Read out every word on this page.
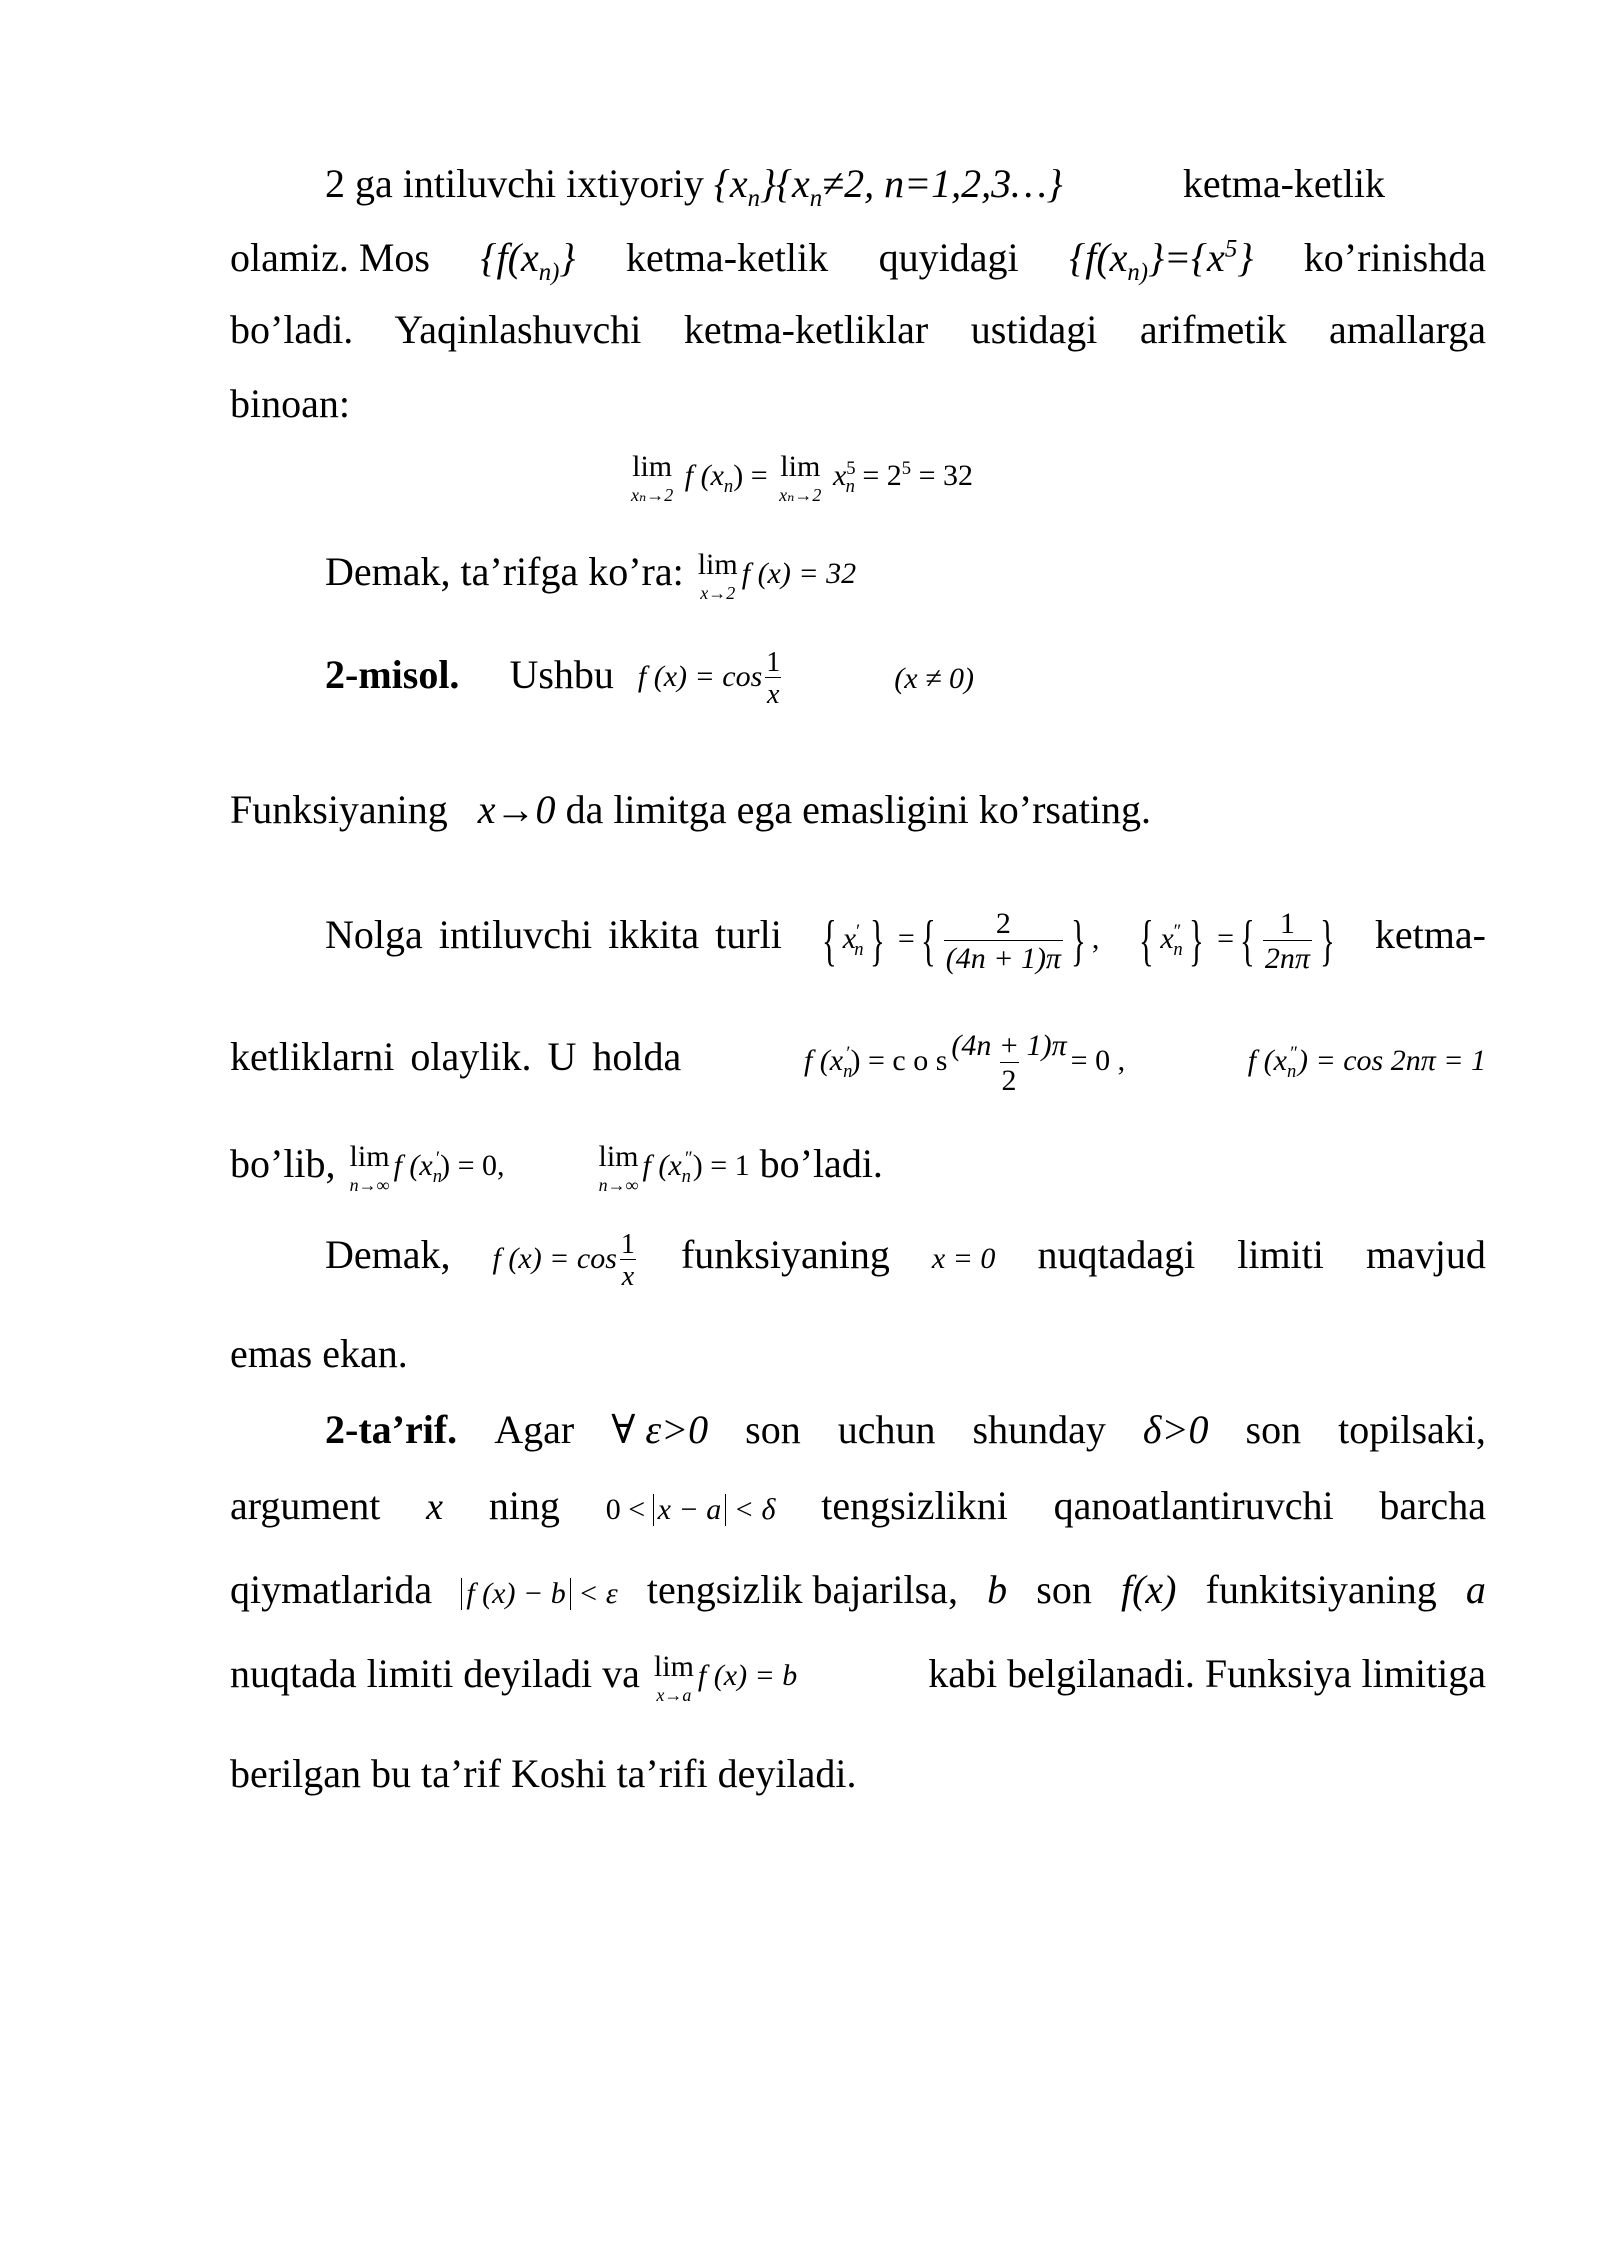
2 ga intiluvchi ixtiyoriy $\{x_n\}\{x_n\ne 2$, n=1,2,3…}	ketma-ketlik
olamiz. Mos {$f(x_{n)}\}$ ketma-ketlik quyidagi {$f(x_{n)}\}=\{x^5\}$ ko’rinishda
bo’ladi. Yaqinlashuvchi ketma-ketliklar ustidagi arifmetik amallarga
binoan:
lim
xₙ→2
f $(x_n) = \lim$
xₙ→2
$x^5_n = 2^5 = 32$
Demak, ta’rifga ko’ra: lim
x→2
f (x) = 32
2-misol. Ushbu f $(x) = \cos \frac{1}{x}$	(x ≠ 0)
Funksiyaning x→0 da limitga ega emasligini ko’rsating.
Nolga intiluvchi ikkita turli { $x'_n$ } = { $\frac{2}{(4n + 1)\pi}$ } , { $x''_n$ } = { $\frac{1}{2n\pi}$ } ketma-
ketliklarni olaylik. U holda	f $(x_n') = c$ o s $\frac{(4n + 1)\pi}{2} = 0$ ,	f $(x_n'') = \cos 2n\pi = 1$
bo’lib, lim
n→∞
f $(x_n') = 0$,	lim
n→∞
f $(x_n'') = 1$ bo’ladi.
Demak, f $(x) = \cos \frac{1}{x}$ funksiyaning x = 0 nuqtadagi limiti mavjud
emas ekan.
2-ta’rif. Agar ∀ ε>0 son uchun shunday δ>0 son topilsaki,
argument x ning 0 < x − a < δ tengsizlikni qanoatlantiruvchi barcha
qiymatlarida f (x) − b < ε tengsizlik bajarilsa, b son f(x) funkitsiyaning a
nuqtada limiti deyiladi va lim
x→a
f (x) = b	kabi belgilanadi. Funksiya limitiga
berilgan bu ta’rif Koshi ta’rifi deyiladi.
